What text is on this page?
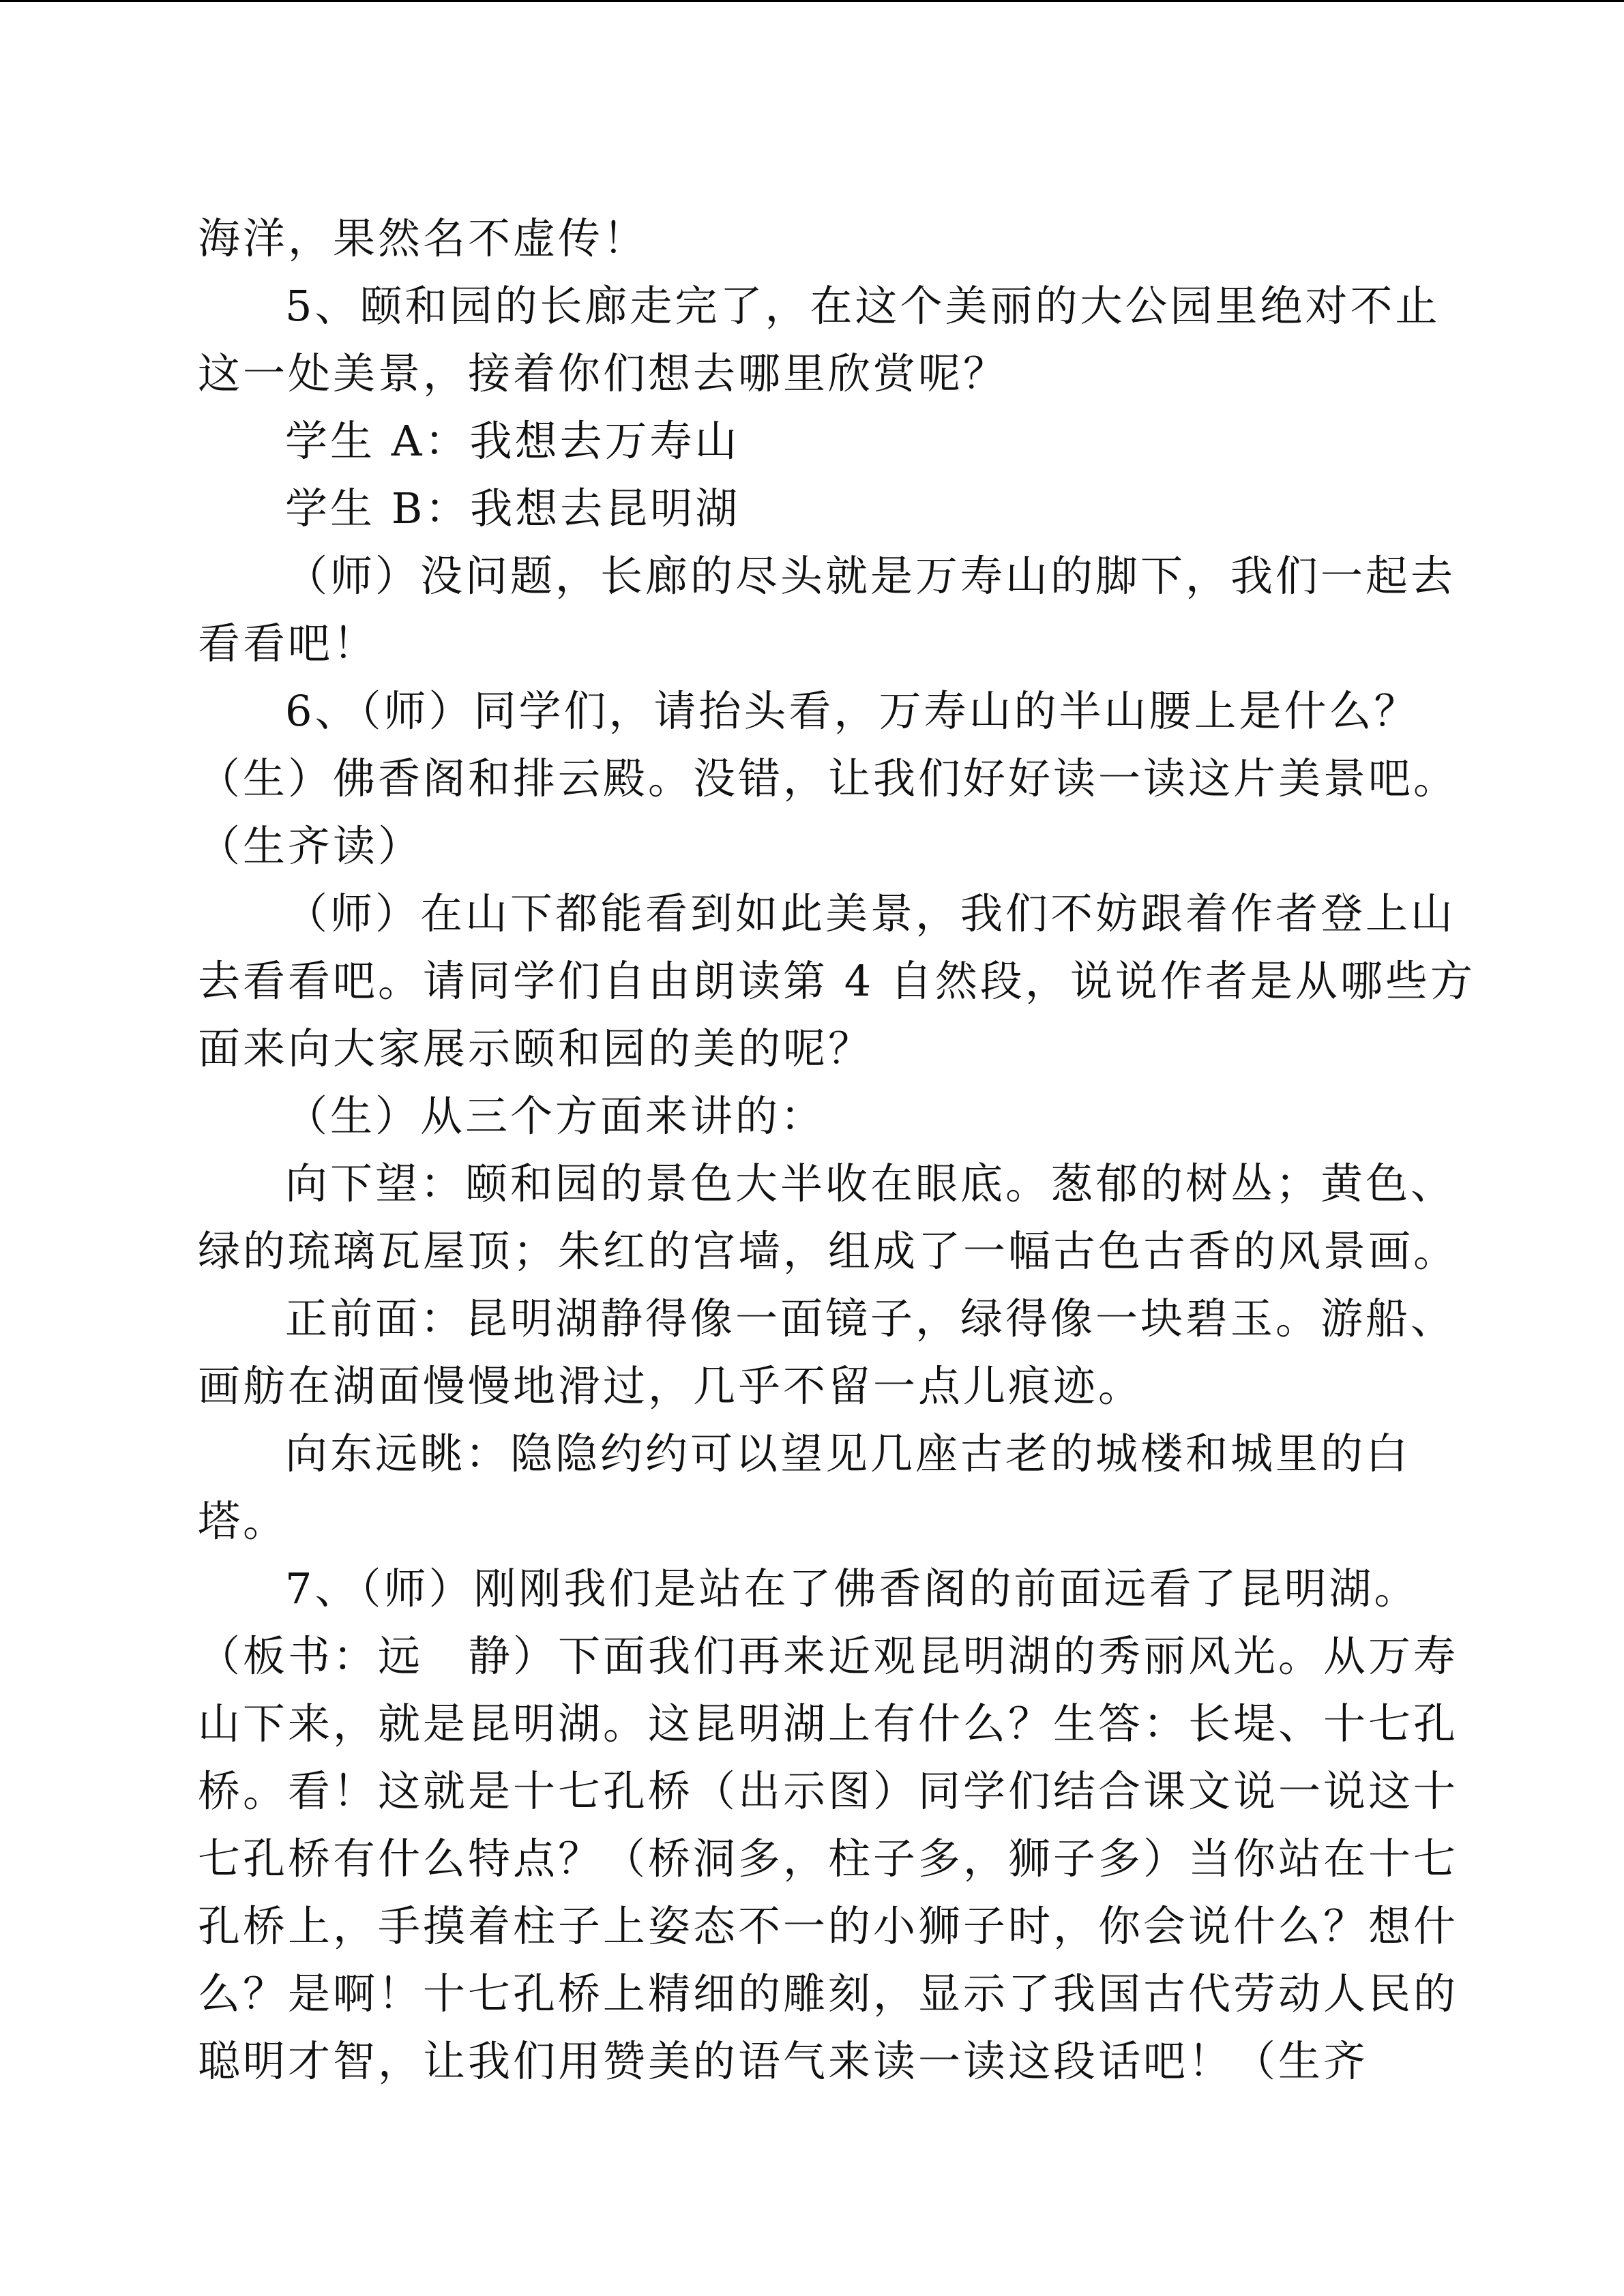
海洋，果然名不虚传！
5、颐和园的长廊走完了，在这个美丽的大公园里绝对不止
这一处美景，接着你们想去哪里欣赏呢？
学生 A：我想去万寿山
学生 B：我想去昆明湖
（师）没问题，长廊的尽头就是万寿山的脚下，我们一起去
看看吧！
6、（师）同学们，请抬头看，万寿山的半山腰上是什么？
（生）佛香阁和排云殿。没错，让我们好好读一读这片美景吧。
（生齐读）
（师）在山下都能看到如此美景，我们不妨跟着作者登上山
去看看吧。请同学们自由朗读第 4 自然段，说说作者是从哪些方
面来向大家展示颐和园的美的呢？
（生）从三个方面来讲的：
向下望：颐和园的景色大半收在眼底。葱郁的树丛；黄色、
绿的琉璃瓦屋顶；朱红的宫墙，组成了一幅古色古香的风景画。
正前面：昆明湖静得像一面镜子，绿得像一块碧玉。游船、
画舫在湖面慢慢地滑过，几乎不留一点儿痕迹。
向东远眺：隐隐约约可以望见几座古老的城楼和城里的白
塔。
7、（师）刚刚我们是站在了佛香阁的前面远看了昆明湖。
（板书：远　静）下面我们再来近观昆明湖的秀丽风光。从万寿
山下来，就是昆明湖。这昆明湖上有什么？生答：长堤、十七孔
桥。看！这就是十七孔桥（出示图）同学们结合课文说一说这十
七孔桥有什么特点？（桥洞多，柱子多，狮子多）当你站在十七
孔桥上，手摸着柱子上姿态不一的小狮子时，你会说什么？想什
么？是啊！十七孔桥上精细的雕刻，显示了我国古代劳动人民的
聪明才智，让我们用赞美的语气来读一读这段话吧！（生齐
